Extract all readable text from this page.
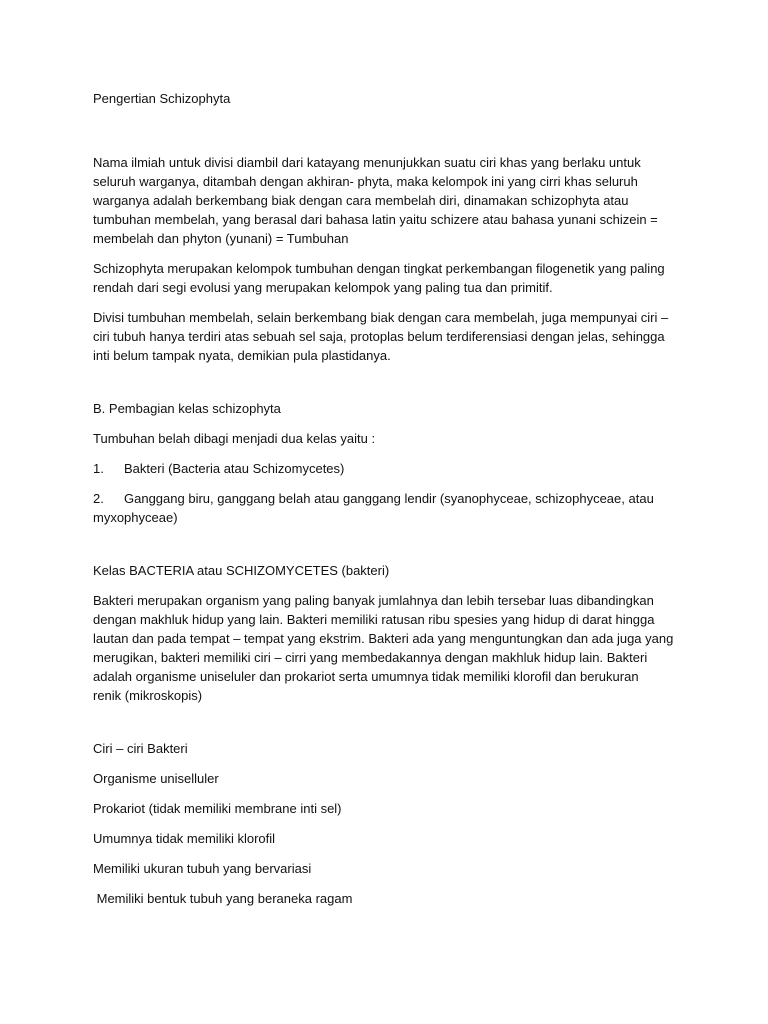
Pengertian Schizophyta
Nama ilmiah untuk divisi diambil dari katayang menunjukkan suatu ciri khas yang berlaku untuk
seluruh warganya, ditambah dengan akhiran- phyta, maka kelompok ini yang cirri khas seluruh
warganya adalah berkembang biak dengan cara membelah diri, dinamakan schizophyta atau
tumbuhan membelah, yang berasal dari bahasa latin yaitu schizere atau bahasa yunani schizein =
membelah dan phyton (yunani) = Tumbuhan
Schizophyta merupakan kelompok tumbuhan dengan tingkat perkembangan filogenetik yang paling
rendah dari segi evolusi yang merupakan kelompok yang paling tua dan primitif.
Divisi tumbuhan membelah, selain berkembang biak dengan cara membelah, juga mempunyai ciri –
ciri tubuh hanya terdiri atas sebuah sel saja, protoplas belum terdiferensiasi dengan jelas, sehingga
inti belum tampak nyata, demikian pula plastidanya.
B. Pembagian kelas schizophyta
Tumbuhan belah dibagi menjadi dua kelas yaitu :
1.	Bakteri (Bacteria atau Schizomycetes)
2.	Ganggang biru, ganggang belah atau ganggang lendir (syanophyceae, schizophyceae, atau
myxophyceae)
Kelas BACTERIA atau SCHIZOMYCETES (bakteri)
Bakteri merupakan organism yang paling banyak jumlahnya dan lebih tersebar luas dibandingkan
dengan makhluk hidup yang lain. Bakteri memiliki ratusan ribu spesies yang hidup di darat hingga
lautan dan pada tempat – tempat yang ekstrim. Bakteri ada yang menguntungkan dan ada juga yang
merugikan, bakteri memiliki ciri – cirri yang membedakannya dengan makhluk hidup lain. Bakteri
adalah organisme uniseluler dan prokariot serta umumnya tidak memiliki klorofil dan berukuran
renik (mikroskopis)
Ciri – ciri Bakteri
Organisme uniselluler
Prokariot (tidak memiliki membrane inti sel)
Umumnya tidak memiliki klorofil
Memiliki ukuran tubuh yang bervariasi
Memiliki bentuk tubuh yang beraneka ragam
